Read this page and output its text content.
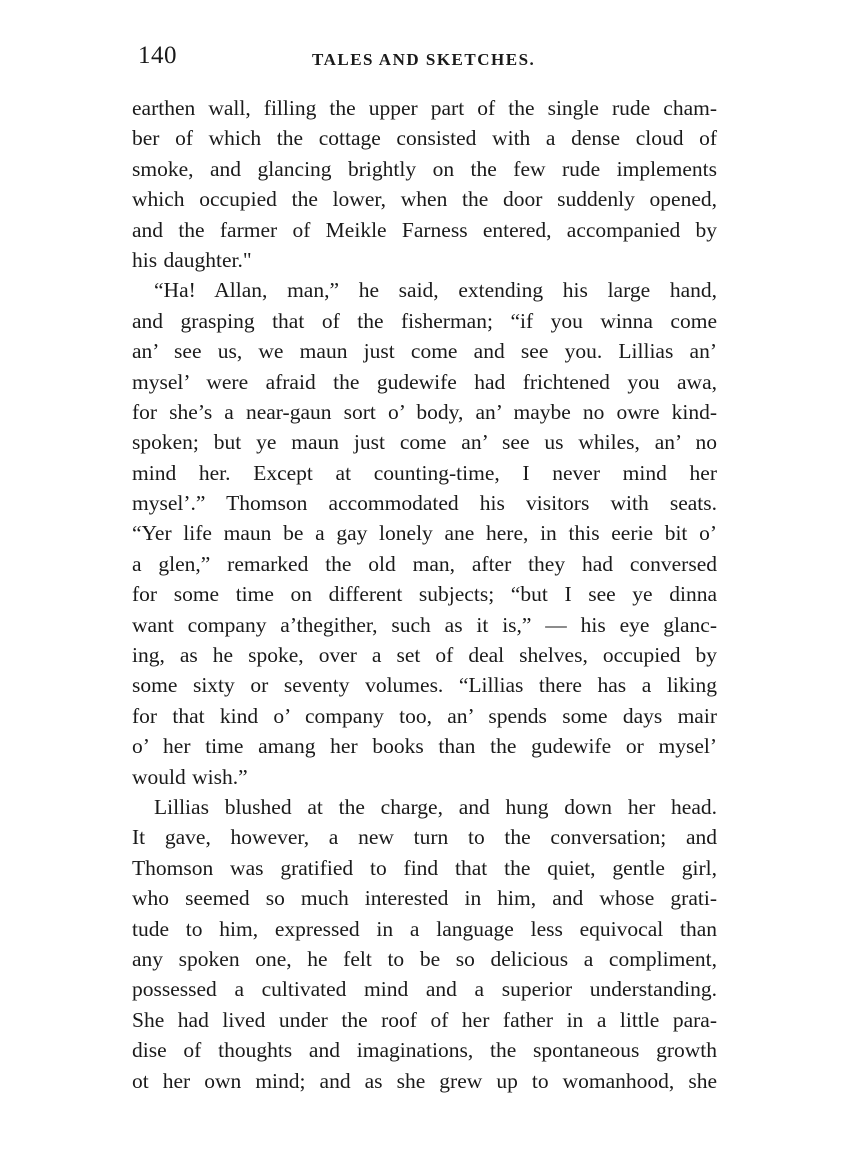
140	TALES AND SKETCHES.
earthen wall, filling the upper part of the single rude cham-
ber of which the cottage consisted with a dense cloud of
smoke, and glancing brightly on the few rude implements
which occupied the lower, when the door suddenly opened,
and the farmer of Meikle Farness entered, accompanied by
his daughter."
“Ha! Allan, man,” he said, extending his large hand,
and grasping that of the fisherman; “if you winna come
an’ see us, we maun just come and see you. Lillias an’
mysel’ were afraid the gudewife had frichtened you awa,
for she’s a near-gaun sort o’ body, an’ maybe no owre kind-
spoken; but ye maun just come an’ see us whiles, an’ no
mind her. Except at counting-time, I never mind her
mysel’.” Thomson accommodated his visitors with seats.
“Yer life maun be a gay lonely ane here, in this eerie bit o’
a glen,” remarked the old man, after they had conversed
for some time on different subjects; “but I see ye dinna
want company a’thegither, such as it is,” — his eye glanc-
ing, as he spoke, over a set of deal shelves, occupied by
some sixty or seventy volumes. “Lillias there has a liking
for that kind o’ company too, an’ spends some days mair
o’ her time amang her books than the gudewife or mysel’
would wish.”
Lillias blushed at the charge, and hung down her head.
It gave, however, a new turn to the conversation; and
Thomson was gratified to find that the quiet, gentle girl,
who seemed so much interested in him, and whose grati-
tude to him, expressed in a language less equivocal than
any spoken one, he felt to be so delicious a compliment,
possessed a cultivated mind and a superior understanding.
She had lived under the roof of her father in a little para-
dise of thoughts and imaginations, the spontaneous growth
ot her own mind; and as she grew up to womanhood, she
